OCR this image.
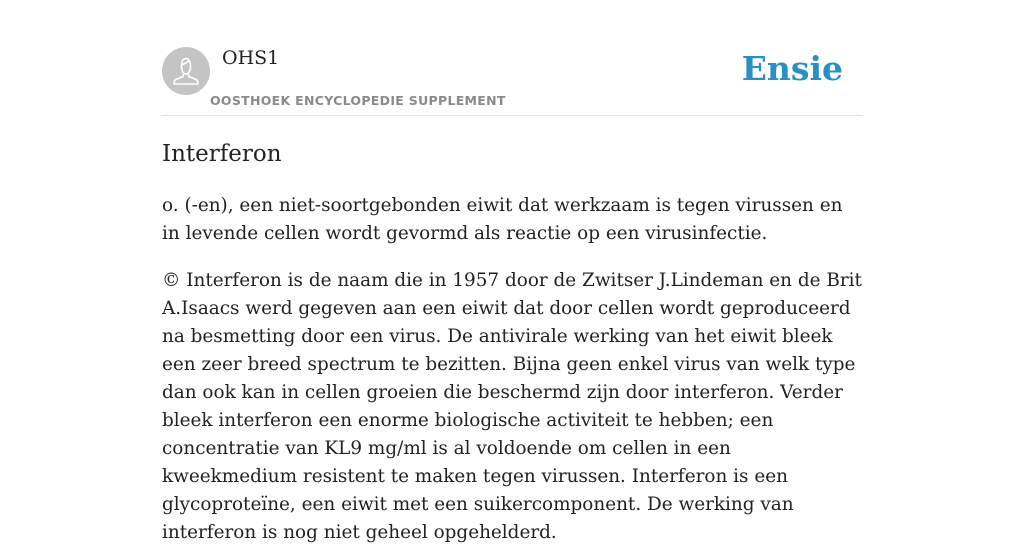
OHS1
OOSTHOEK ENCYCLOPEDIE SUPPLEMENT
Ensie
Interferon

o. (-en), een niet-soortgebonden eiwit dat werkzaam is tegen virussen en in levende cellen wordt gevormd als reactie op een virusinfectie.

© Interferon is de naam die in 1957 door de Zwitser J.Lindeman en de Brit A.Isaacs werd gegeven aan een eiwit dat door cellen wordt geproduceerd na besmetting door een virus. De antivirale werking van het eiwit bleek een zeer breed spectrum te bezitten. Bijna geen enkel virus van welk type dan ook kan in cellen groeien die beschermd zijn door interferon. Verder bleek interferon een enorme biologische activiteit te hebben; een concentratie van KL9 mg/ml is al voldoende om cellen in een kweekmedium resistent te maken tegen virussen. Interferon is een glycoproteïne, een eiwit met een suikercomponent. De werking van interferon is nog niet geheel opgehelderd.
